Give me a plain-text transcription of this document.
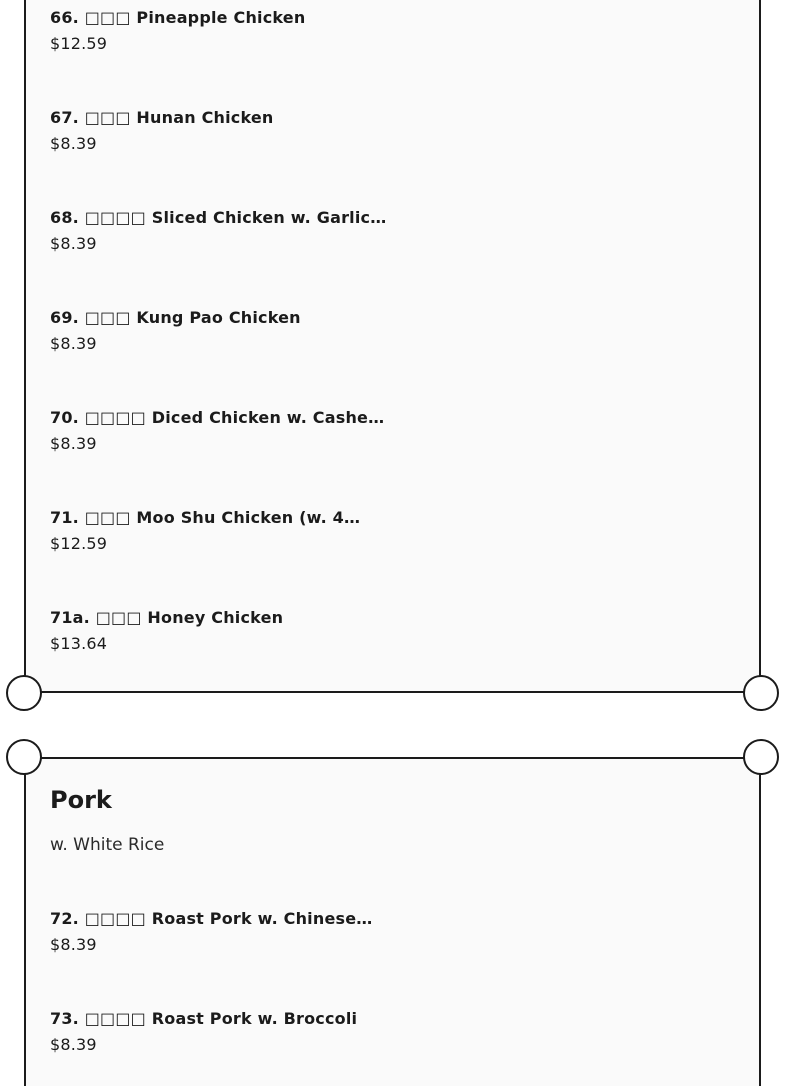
66. □□□ Pineapple Chicken
$12.59
67. □□□ Hunan Chicken
$8.39
68. □□□□ Sliced Chicken w. Garlic…
$8.39
69. □□□ Kung Pao Chicken
$8.39
70. □□□□ Diced Chicken w. Cashe…
$8.39
71. □□□ Moo Shu Chicken (w. 4…
$12.59
71a. □□□ Honey Chicken
$13.64
Pork

w. White Rice

72. □□□□ Roast Pork w. Chinese…
$8.39
73. □□□□ Roast Pork w. Broccoli
$8.39
